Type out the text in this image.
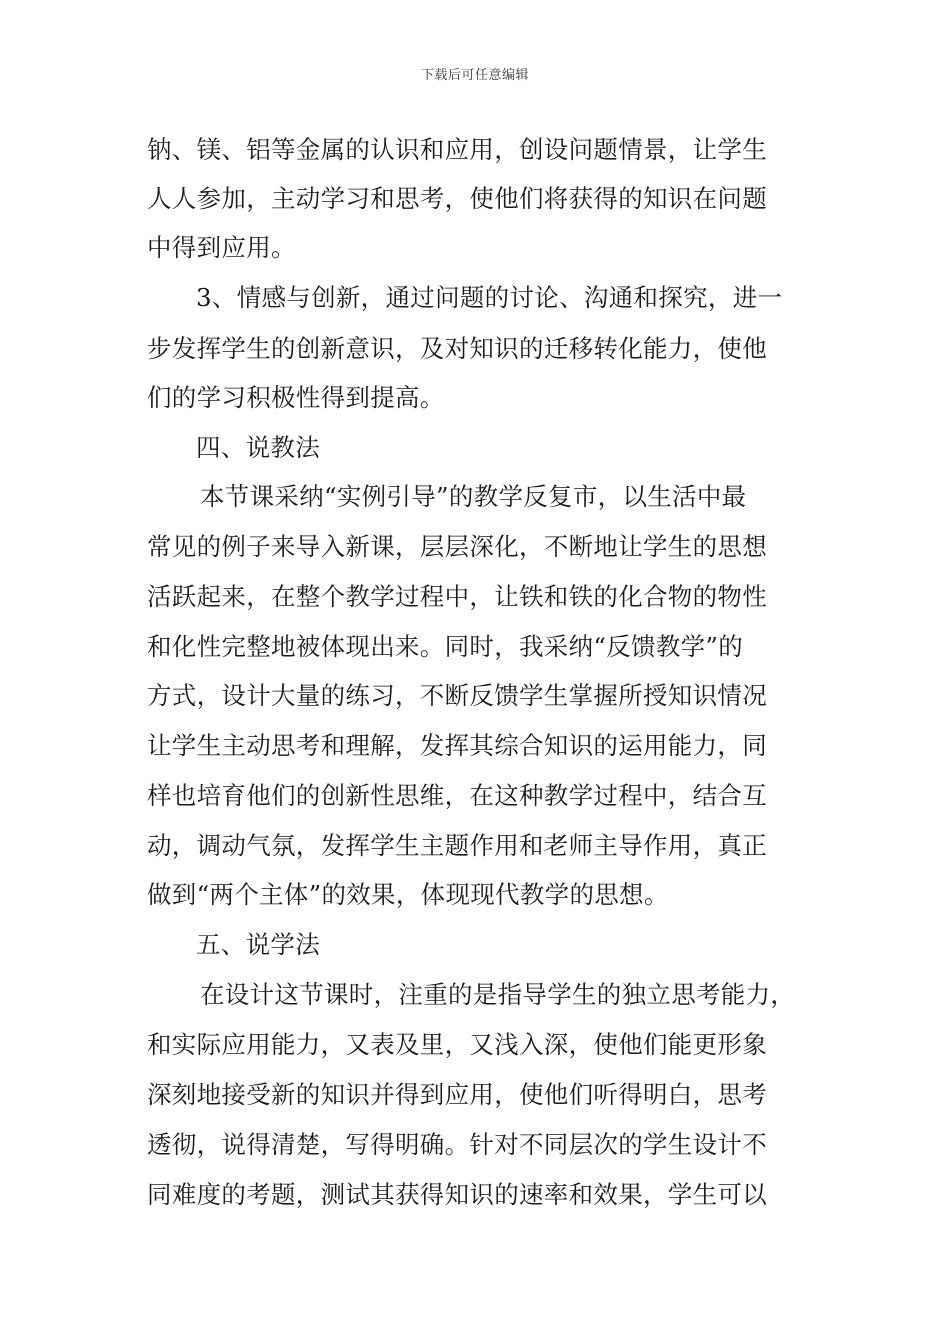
下载后可任意编辑
钠、镁、铝等金属的认识和应用，创设问题情景，让学生
人人参加，主动学习和思考，使他们将获得的知识在问题
中得到应用。
3、情感与创新，通过问题的讨论、沟通和探究，进一
步发挥学生的创新意识，及对知识的迁移转化能力，使他
们的学习积极性得到提高。
四、说教法
本节课采纳“实例引导”的教学反复市，以生活中最
常见的例子来导入新课，层层深化，不断地让学生的思想
活跃起来，在整个教学过程中，让铁和铁的化合物的物性
和化性完整地被体现出来。同时，我采纳“反馈教学”的
方式，设计大量的练习，不断反馈学生掌握所授知识情况
让学生主动思考和理解，发挥其综合知识的运用能力，同
样也培育他们的创新性思维，在这种教学过程中，结合互
动，调动气氛，发挥学生主题作用和老师主导作用，真正
做到“两个主体”的效果，体现现代教学的思想。
五、说学法
在设计这节课时，注重的是指导学生的独立思考能力，
和实际应用能力，又表及里，又浅入深，使他们能更形象
深刻地接受新的知识并得到应用，使他们听得明白，思考
透彻，说得清楚，写得明确。针对不同层次的学生设计不
同难度的考题，测试其获得知识的速率和效果，学生可以
